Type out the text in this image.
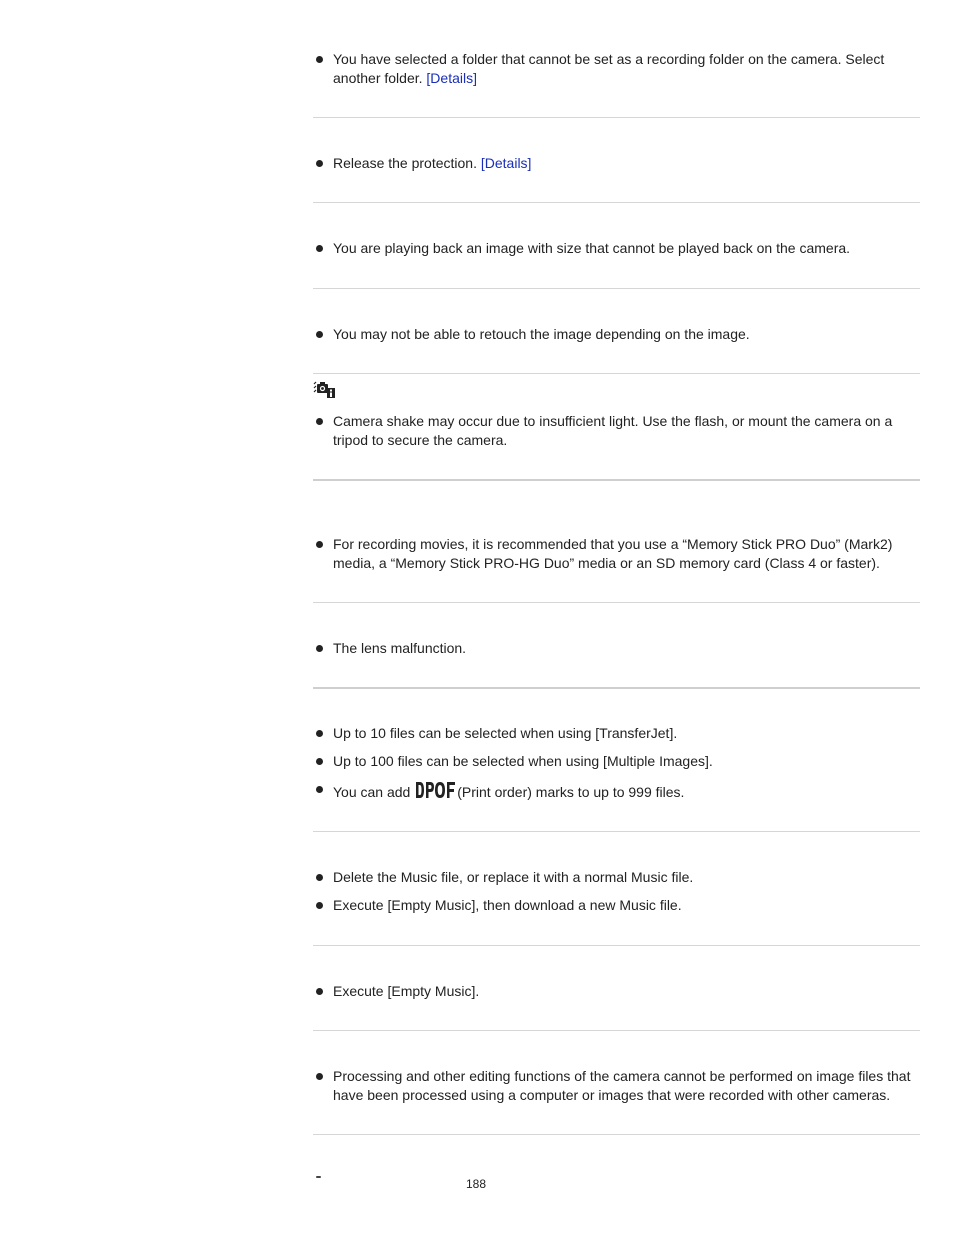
You have selected a folder that cannot be set as a recording folder on the camera. Select another folder. [Details]
Release the protection. [Details]
You are playing back an image with size that cannot be played back on the camera.
You may not be able to retouch the image depending on the image.
Camera shake may occur due to insufficient light. Use the flash, or mount the camera on a tripod to secure the camera.
For recording movies, it is recommended that you use a “Memory Stick PRO Duo” (Mark2) media, a “Memory Stick PRO-HG Duo” media or an SD memory card (Class 4 or faster).
The lens malfunction.
Up to 10 files can be selected when using [TransferJet].
Up to 100 files can be selected when using [Multiple Images].
You can add	(Print order) marks to up to 999 files.
Delete the Music file, or replace it with a normal Music file.
Execute [Empty Music], then download a new Music file.
Execute [Empty Music].
Processing and other editing functions of the camera cannot be performed on image files that have been processed using a computer or images that were recorded with other cameras.
188
